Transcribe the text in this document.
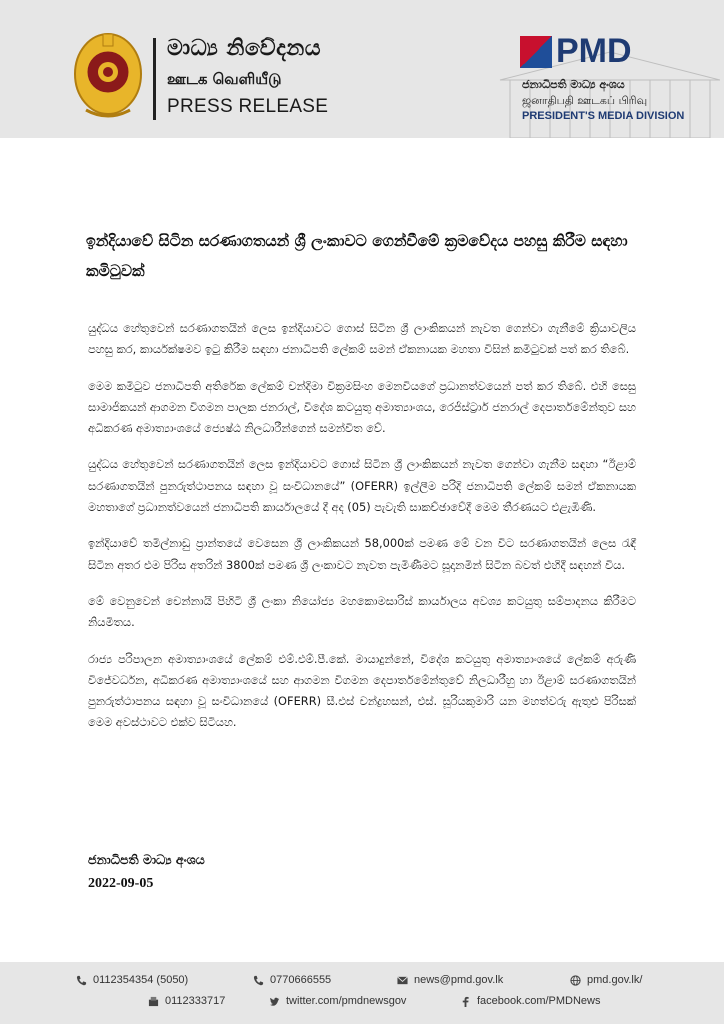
මාධ්‍ය නිවේදනය
ஊடக வெளியீடு
PRESS RELEASE
PMD
ජනාධිපති මාධ්‍ය අංශය
ஜனாதிபதி ஊடகப் பிரிவு
PRESIDENT'S MEDIA DIVISION
ඉන්දියාවේ සිටින සරණාගතයන් ශ්‍රී ලංකාවට ගෙන්වීමේ ක්‍රමවේදය පහසු කිරීම සඳහා කමිටුවක්

යුද්ධය හේතුවෙන් සරණාගතයින් ලෙස ඉන්දියාවට ගොස් සිටින ශ්‍රී ලාංකිකයන් නැවත ගෙන්වා ගැනීමේ ක්‍රියාවලිය පහසු කර, කාර්යක්ෂමව ඉටු කිරීම සඳහා ජනාධිපති ලේකම් සමන් ඒකනායක මහතා විසින් කමිටුවක් පත් කර තිබේ.

මෙම කමිටුව ජනාධිපති අතිරේක ලේකම් චන්දිමා වික්‍රමසිංහ මෙනවියගේ ප්‍රධානත්වයෙන් පත් කර තිබේ. එහි සෙසු සාමාජිකයන් ආගමන විගමන පාලක ජනරාල්, විදේශ කටයුතු අමාත්‍යාංශය, රෙජිස්ට්‍රාර් ජනරාල් දෙපාර්තමේන්තුව සහ අධිකරණ අමාත්‍යාංශයේ ජ්‍යෙෂ්ඨ නිලධාරීන්ගෙන් සමන්විත වේ.

යුද්ධය හේතුවෙන් සරණාගතයින් ලෙස ඉන්දියාවට ගොස් සිටින ශ්‍රී ලාංකිකයන් නැවත ගෙන්වා ගැනීම සඳහා “ඊළාම් සරණාගතයින් පුනරුත්ථාපනය සඳහා වූ සංවිධානයේ” (OFERR) ඉල්ලීම පරිදි ජනාධිපති ලේකම් සමන් ඒකනායක මහතාගේ ප්‍රධානත්වයෙන් ජනාධිපති කාර්යාලයේ දී අද (05) පැවැති සාකච්ඡාවේදී මෙම තීරණයට එළැඹිණි.

ඉන්දියාවේ තමිල්නාඩු ප්‍රාන්තයේ වෙසෙන ශ්‍රී ලාංකිකයන් 58,000ක් පමණ මේ වන විට සරණාගතයින් ලෙස රැඳී සිටින අතර එම පිරිස අතරින් 3800ක් පමණ ශ්‍රී ලංකාවට නැවත පැමිණීමට සූදානමින් සිටින බවත් එහිදී සඳහන් විය.

මේ වෙනුවෙන් චෙන්නායි පිහිටි ශ්‍රී ලංකා නියෝජ්‍ය මහකොමසාරිස් කාර්යාලය අවශ්‍ය කටයුතු සම්පාදනය කිරීමට නියමිතය.

රාජ්‍ය පරිපාලන අමාත්‍යාංශයේ ලේකම් එම්.එම්.පී.කේ. මායාදුන්නේ, විදේශ කටයුතු අමාත්‍යාංශයේ ලේකම් අරුණි විජේවර්ධන, අධිකරණ අමාත්‍යාංශයේ සහ ආගමන විගමන දෙපාර්තමේන්තුවේ නිලධාරීහු හා ඊළාම් සරණාගතයින් පුනරුත්ථාපනය සඳහා වූ සංවිධානයේ (OFERR) සී.එස් චන්ද්‍රහසන්, එස්. සූරියකුමාරි යන මහත්වරු ඇතුළු පිරිසක් මෙම අවස්ථාවට එක්ව සිටියහ.

ජනාධිපති මාධ්‍ය අංශය
2022-09-05
0112354354 (5050)	0770666555	news@pmd.gov.lk	pmd.gov.lk/
0112333717	twitter.com/pmdnewsgov	facebook.com/PMDNews
